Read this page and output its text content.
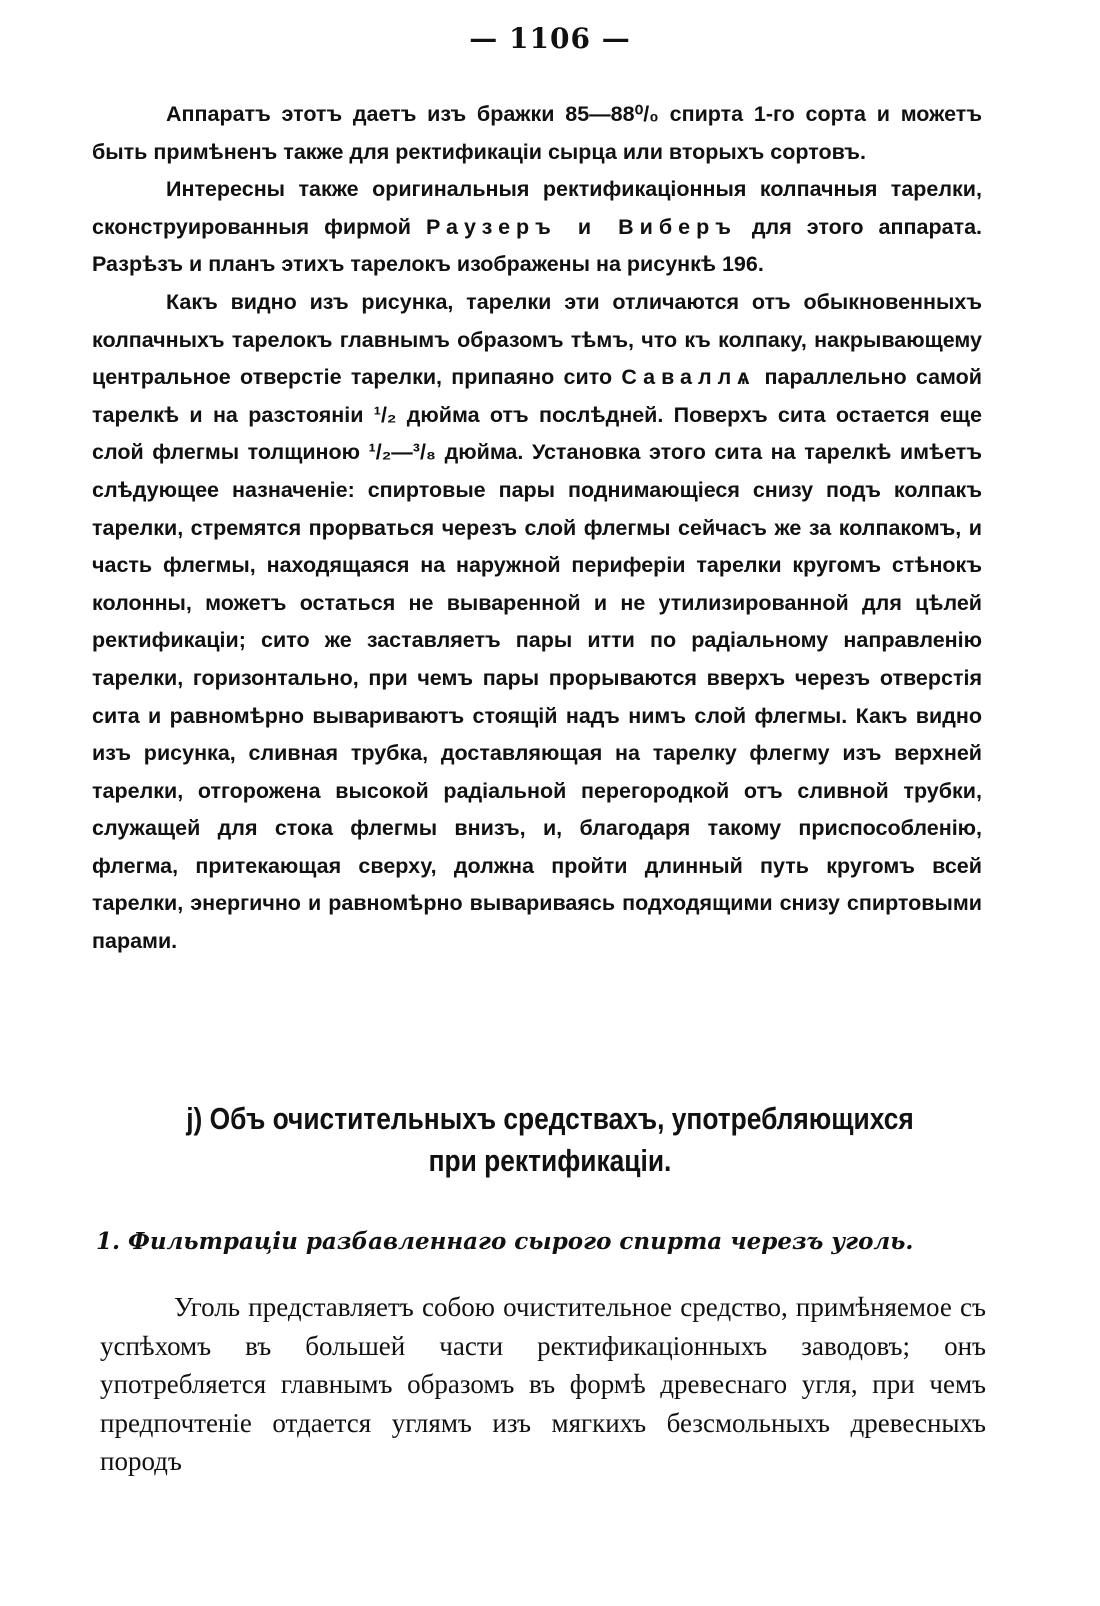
— 1106 —

Аппаратъ этотъ даетъ изъ бражки 85—88⁰/₀ спирта 1-го сорта и можетъ быть примѣненъ также для ректификацiи сырца или вторыхъ сортовъ.

Интересны также оригинальныя ректификацiонныя колпачныя тарелки, сконструированныя фирмой Раузеръ и Виберъ для этого аппарата. Разрѣзъ и планъ этихъ тарелокъ изображены на рисункѣ 196.

Какъ видно изъ рисунка, тарелки эти отличаются отъ обыкновенныхъ колпачныхъ тарелокъ главнымъ образомъ тѣмъ, что къ колпаку, накрывающему центральное отверстiе тарелки, припаяно сито Саваллѧ параллельно самой тарелкѣ и на разстоянiи ¹/₂ дюйма отъ послѣдней. Поверхъ сита остается еще слой флегмы толщиною ¹/₂—³/₈ дюйма. Установка этого сита на тарелкѣ имѣетъ слѣдующее назначенiе: спиртовые пары поднимающiеся снизу подъ колпакъ тарелки, стремятся прорваться черезъ слой флегмы сейчасъ же за колпакомъ, и часть флегмы, находящаяся на наружной периферiи тарелки кругомъ стѣнокъ колонны, можетъ остаться не вываренной и не утилизированной для цѣлей ректификацiи; сито же заставляетъ пары итти по радiальному направленiю тарелки, горизонтально, при чемъ пары прорываются вверхъ черезъ отверстiя сита и равномѣрно вывариваютъ стоящiй надъ нимъ слой флегмы. Какъ видно изъ рисунка, сливная трубка, доставляющая на тарелку флегму изъ верхней тарелки, отгорожена высокой радiальной перегородкой отъ сливной трубки, служащей для стока флегмы внизъ, и, благодаря такому приспособленiю, флегма, притекающая сверху, должна пройти длинный путь кругомъ всей тарелки, энергично и равномѣрно вывариваясь подходящими снизу спиртовыми парами.

j) Объ очистительныхъ средствахъ, употребляющихся при ректификацiи.
1. Фильтрацiи разбавленнаго сырого спирта черезъ уголь.

Уголь представляетъ собою очистительное средство, примѣняемое съ успѣхомъ въ большей части ректификацiонныхъ заводовъ; онъ употребляется главнымъ образомъ въ формѣ древеснаго угля, при чемъ предпочтенiе отдается углямъ изъ мягкихъ безсмольныхъ древесныхъ породъ
